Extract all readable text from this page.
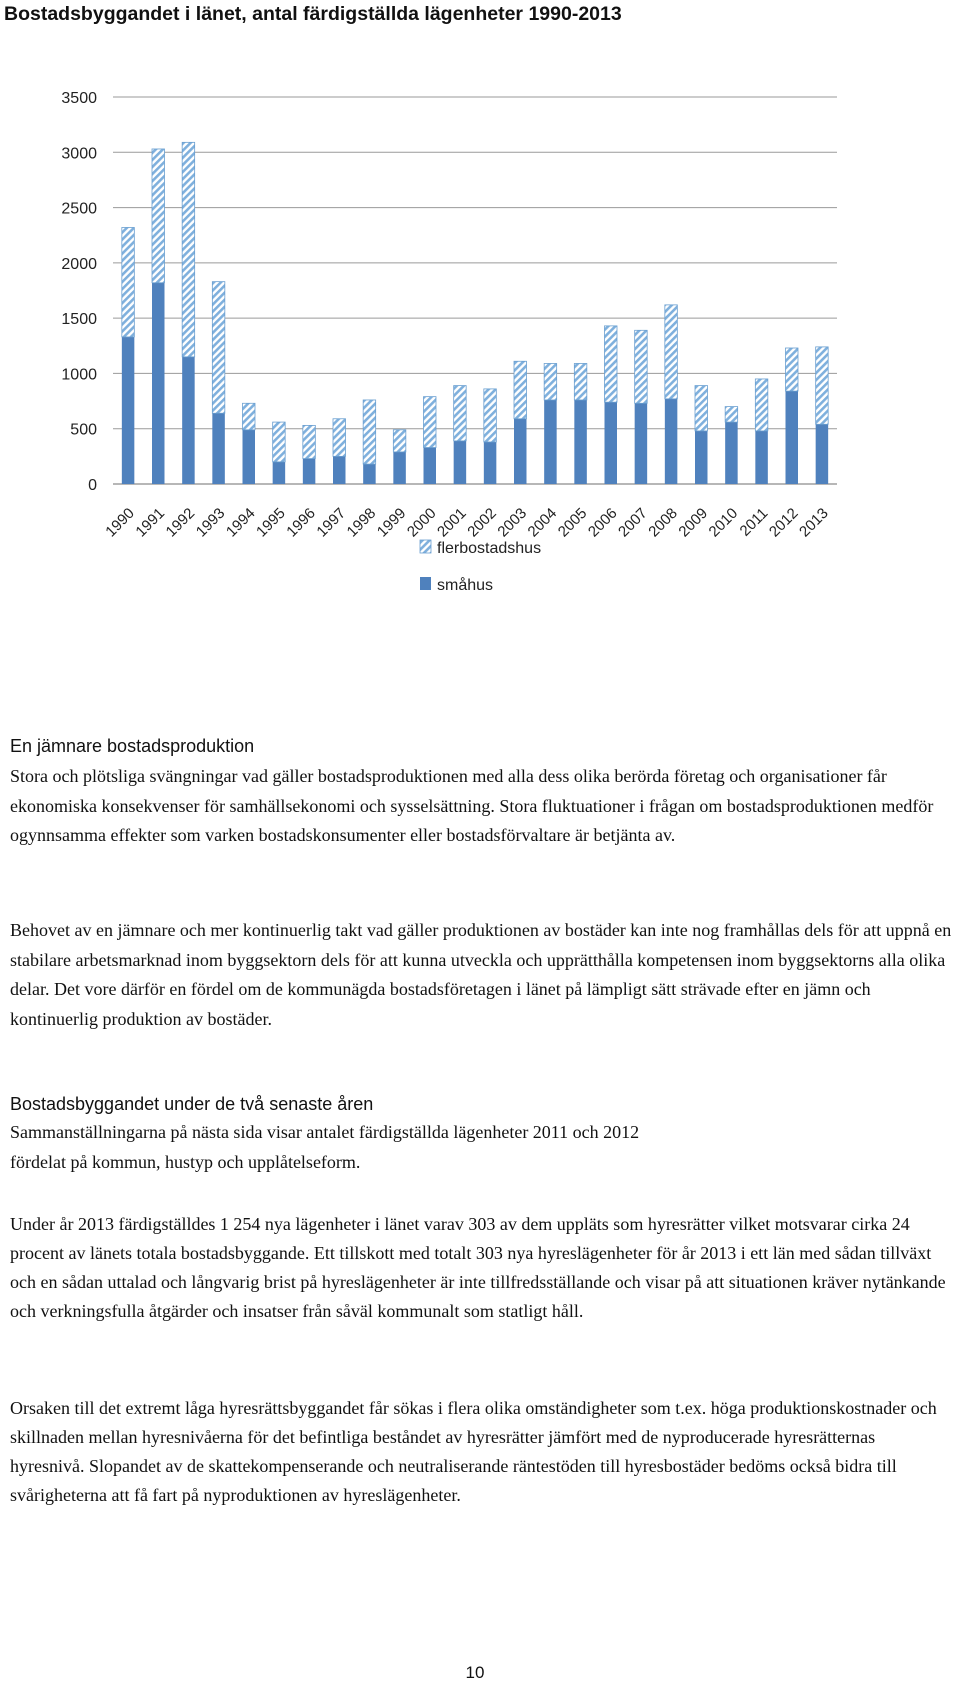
Bostadsbyggandet i länet, antal färdigställda lägenheter 1990-2013
0
500
1000
1500
2000
2500
3000
3500
1990
1991
1992
1993
1994
1995
1996
1997
1998
1999
2000
2001
2002
2003
2004
2005
2006
2007
2008
2009
2010
2011
2012
2013
flerbostadshus
småhus
En jämnare bostadsproduktion

Stora och plötsliga svängningar vad gäller bostadsproduktionen med alla dess olika berörda företag och organisationer får ekonomiska konsekvenser för samhällsekonomi och sysselsättning. Stora fluktuationer i frågan om bostadsproduktionen medför ogynnsamma effekter som varken bostadskonsumenter eller bostadsförvaltare är betjänta av.

Behovet av en jämnare och mer kontinuerlig takt vad gäller produktionen av bostäder kan inte nog framhållas dels för att uppnå en stabilare arbetsmarknad inom byggsektorn dels för att kunna utveckla och upprätthålla kompetensen inom byggsektorns alla olika delar. Det vore därför en fördel om de kommunägda bostadsföretagen i länet på lämpligt sätt strävade efter en jämn och kontinuerlig produktion av bostäder.

Bostadsbyggandet under de två senaste åren

Sammanställningarna på nästa sida visar antalet färdigställda lägenheter 2011 och 2012

fördelat på kommun, hustyp och upplåtelseform.

Under år 2013 färdigställdes 1 254 nya lägenheter i länet varav 303 av dem uppläts som hyresrätter vilket motsvarar cirka 24 procent av länets totala bostadsbyggande. Ett tillskott med totalt 303 nya hyreslägenheter för år 2013 i ett län med sådan tillväxt och en sådan uttalad och långvarig brist på hyreslägenheter är inte tillfredsställande och visar på att situationen kräver nytänkande och verkningsfulla åtgärder och insatser från såväl kommunalt som statligt håll.

Orsaken till det extremt låga hyresrättsbyggandet får sökas i flera olika omständigheter som t.ex. höga produktionskostnader och skillnaden mellan hyresnivåerna för det befintliga beståndet av hyresrätter jämfört med de nyproducerade hyresrätternas hyresnivå. Slopandet av de skattekompenserande och neutraliserande räntestöden till hyresbostäder bedöms också bidra till svårigheterna att få fart på nyproduktionen av hyreslägenheter.

10
